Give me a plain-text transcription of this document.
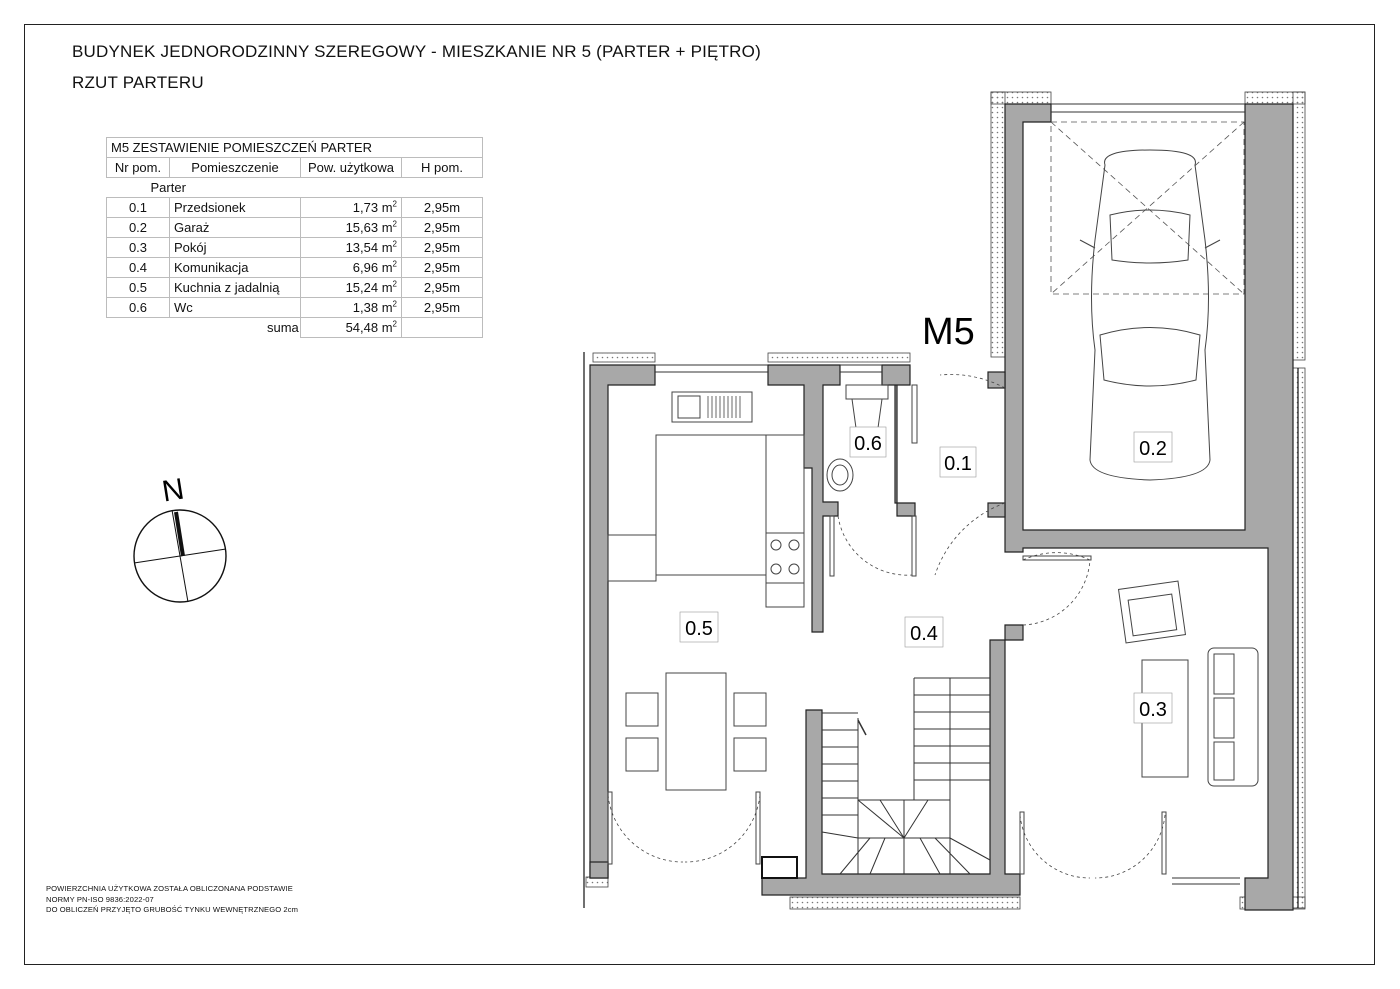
BUDYNEK JEDNORODZINNY SZEREGOWY - MIESZKANIE NR 5 (PARTER + PIĘTRO)
RZUT PARTERU
M5 ZESTAWIENIE POMIESZCZEŃ PARTER			
Nr pom.	Pomieszczenie	Pow. użytkowa	H pom.
Parter			
0.1	Przedsionek	1,73 $m^2$	2,95m
0.2	Garaż	15,63 $m^2$	2,95m
0.3	Pokój	13,54 $m^2$	2,95m
0.4	Komunikacja	6,96 $m^2$	2,95m
0.5	Kuchnia z jadalnią	15,24 $m^2$	2,95m
0.6	Wc	1,38 $m^2$	2,95m

		suma 54,48 $m^2$	
N
0.6
0.1
0.2
0.5	0.4
0.3
M5
POWIERZCHNIA UŻYTKOWA ZOSTAŁA OBLICZONANA PODSTAWIE
NORMY PN-ISO 9836:2022-07
DO OBLICZEŃ PRZYJĘTO GRUBOŚĆ TYNKU WEWNĘTRZNEGO 2cm
